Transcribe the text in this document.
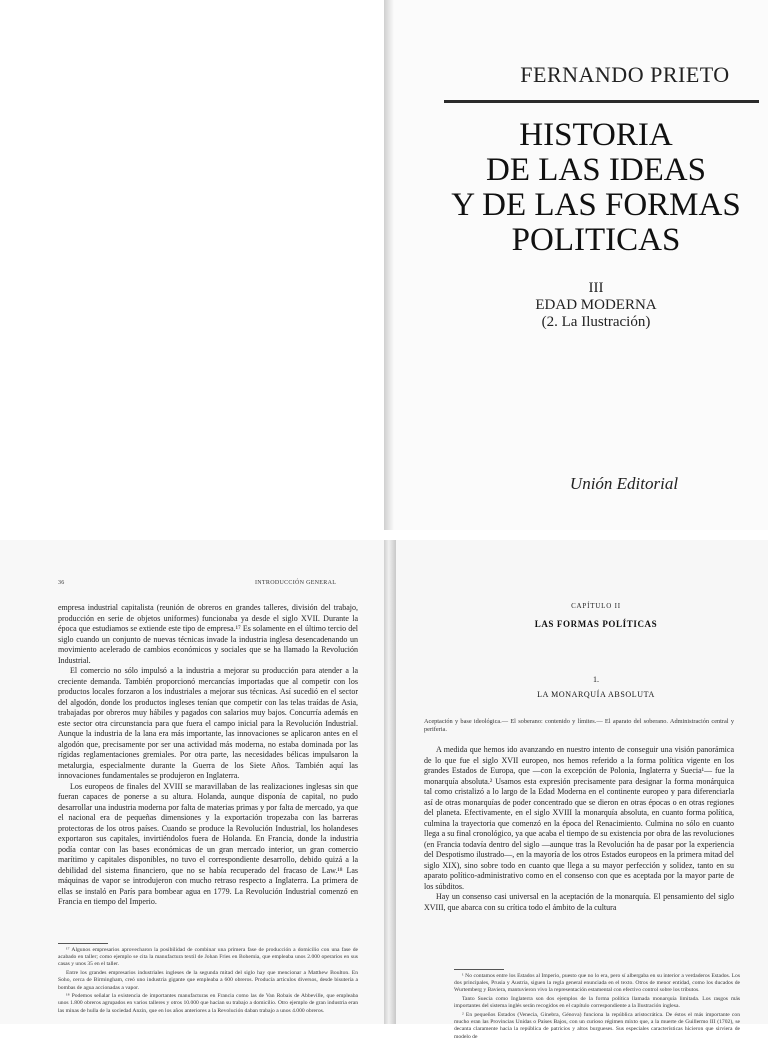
FERNANDO PRIETO
HISTORIA
DE LAS IDEAS
Y DE LAS FORMAS
POLITICAS
III
EDAD MODERNA
(2. La Ilustración)
Unión Editorial
36	INTRODUCCIÓN GENERAL

empresa industrial capitalista (reunión de obreros en grandes talleres, división del trabajo, producción en serie de objetos uniformes) funcionaba ya desde el siglo XVII. Durante la época que estudiamos se extiende este tipo de empresa.¹⁷ Es solamente en el último tercio del siglo cuando un conjunto de nuevas técnicas invade la industria inglesa desencadenando un movimiento acelerado de cambios económicos y sociales que se ha llamado la Revolución Industrial.

El comercio no sólo impulsó a la industria a mejorar su producción para atender a la creciente demanda. También proporcionó mercancías importadas que al competir con los productos locales forzaron a los industriales a mejorar sus técnicas. Así sucedió en el sector del algodón, donde los productos ingleses tenían que competir con las telas traídas de Asia, trabajadas por obreros muy hábiles y pagados con salarios muy bajos. Concurría además en este sector otra circunstancia para que fuera el campo inicial para la Revolución Industrial. Aunque la industria de la lana era más importante, las innovaciones se aplicaron antes en el algodón que, precisamente por ser una actividad más moderna, no estaba dominada por las rígidas reglamentaciones gremiales. Por otra parte, las necesidades bélicas impulsaron la metalurgia, especialmente durante la Guerra de los Siete Años. También aquí las innovaciones fundamentales se produjeron en Inglaterra.

Los europeos de finales del XVIII se maravillaban de las realizaciones inglesas sin que fueran capaces de ponerse a su altura. Holanda, aunque disponía de capital, no pudo desarrollar una industria moderna por falta de materias primas y por falta de mercado, ya que el nacional era de pequeñas dimensiones y la exportación tropezaba con las barreras protectoras de los otros países. Cuando se produce la Revolución Industrial, los holandeses exportaron sus capitales, invirtiéndolos fuera de Holanda. En Francia, donde la industria podía contar con las bases económicas de un gran mercado interior, un gran comercio marítimo y capitales disponibles, no tuvo el correspondiente desarrollo, debido quizá a la debilidad del sistema financiero, que no se había recuperado del fracaso de Law.¹⁸ Las máquinas de vapor se introdujeron con mucho retraso respecto a Inglaterra. La primera de ellas se instaló en París para bombear agua en 1779. La Revolución Industrial comenzó en Francia en tiempo del Imperio.

¹⁷ Algunos empresarios aprovecharon la posibilidad de combinar una primera fase de producción a domicilio con una fase de acabado en taller; como ejemplo se cita la manufactura textil de Johan Fries en Bohemia, que empleaba unos 2.000 operarios en sus casas y unos 35 en el taller.

Entre los grandes empresarios industriales ingleses de la segunda mitad del siglo hay que mencionar a Matthew Boulton. En Soho, cerca de Birmingham, creó uno industria gigante que empleaba a 600 obreros. Producía artículos diversos, desde bisutería a bombas de agua accionadas a vapor.

¹⁸ Podemos señalar la existencia de importantes manufacturas en Francia como las de Van Robais de Abbeville, que empleaba unos 1.800 obreros agrupados en varios talleres y otros 10.000 que hacían su trabajo a domicilio. Otro ejemplo de gran industria eran las minas de hulla de la sociedad Anzin, que en los años anteriores a la Revolución daban trabajo a unos 4.000 obreros.

CAPÍTULO II
LAS FORMAS POLÍTICAS
1.
LA MONARQUÍA ABSOLUTA
Aceptación y base ideológica.— El soberano: contenido y límites.— El aparato del soberano. Administración central y periferia.

A medida que hemos ido avanzando en nuestro intento de conseguir una visión panorámica de lo que fue el siglo XVII europeo, nos hemos referido a la forma política vigente en los grandes Estados de Europa, que —con la excepción de Polonia, Inglaterra y Suecia¹— fue la monarquía absoluta.² Usamos esta expresión precisamente para designar la forma monárquica tal como cristalizó a lo largo de la Edad Moderna en el continente europeo y para diferenciarla así de otras monarquías de poder concentrado que se dieron en otras épocas o en otras regiones del planeta. Efectivamente, en el siglo XVIII la monarquía absoluta, en cuanto forma política, culmina la trayectoria que comenzó en la época del Renacimiento. Culmina no sólo en cuanto llega a su final cronológico, ya que acaba el tiempo de su existencia por obra de las revoluciones (en Francia todavía dentro del siglo —aunque tras la Revolución ha de pasar por la experiencia del Despotismo ilustrado—, en la mayoría de los otros Estados europeos en la primera mitad del siglo XIX), sino sobre todo en cuanto que llega a su mayor perfección y solidez, tanto en su aparato político-administrativo como en el consenso con que es aceptada por la mayor parte de los súbditos.

Hay un consenso casi universal en la aceptación de la monarquía. El pensamiento del siglo XVIII, que abarca con su crítica todo el ámbito de la cultura

¹ No contamos entre los Estados al Imperio, puesto que no lo era, pero sí albergaba en su interior a verdaderos Estados. Los dos principales, Prusia y Austria, siguen la regla general enunciada en el texto. Otros de menor entidad, como los ducados de Wurtemberg y Baviera, mantuvieron vivo la representación estamental con efectivo control sobre los tributos.

Tanto Suecia como Inglaterra son dos ejemplos de la forma política llamada monarquía limitada. Los rasgos más importantes del sistema inglés serán recogidos en el capítulo correspondiente a la Ilustración inglesa.

² En pequeños Estados (Venecia, Ginebra, Génova) funciona la república aristocrática. De éstos el más importante con mucho eran las Provincias Unidas o Países Bajos, con un curioso régimen mixto que, a la muerte de Guillermo III (1702), se decanta claramente hacia la república de patricios y altos burgueses. Sus especiales características hicieron que sirviera de modelo de
